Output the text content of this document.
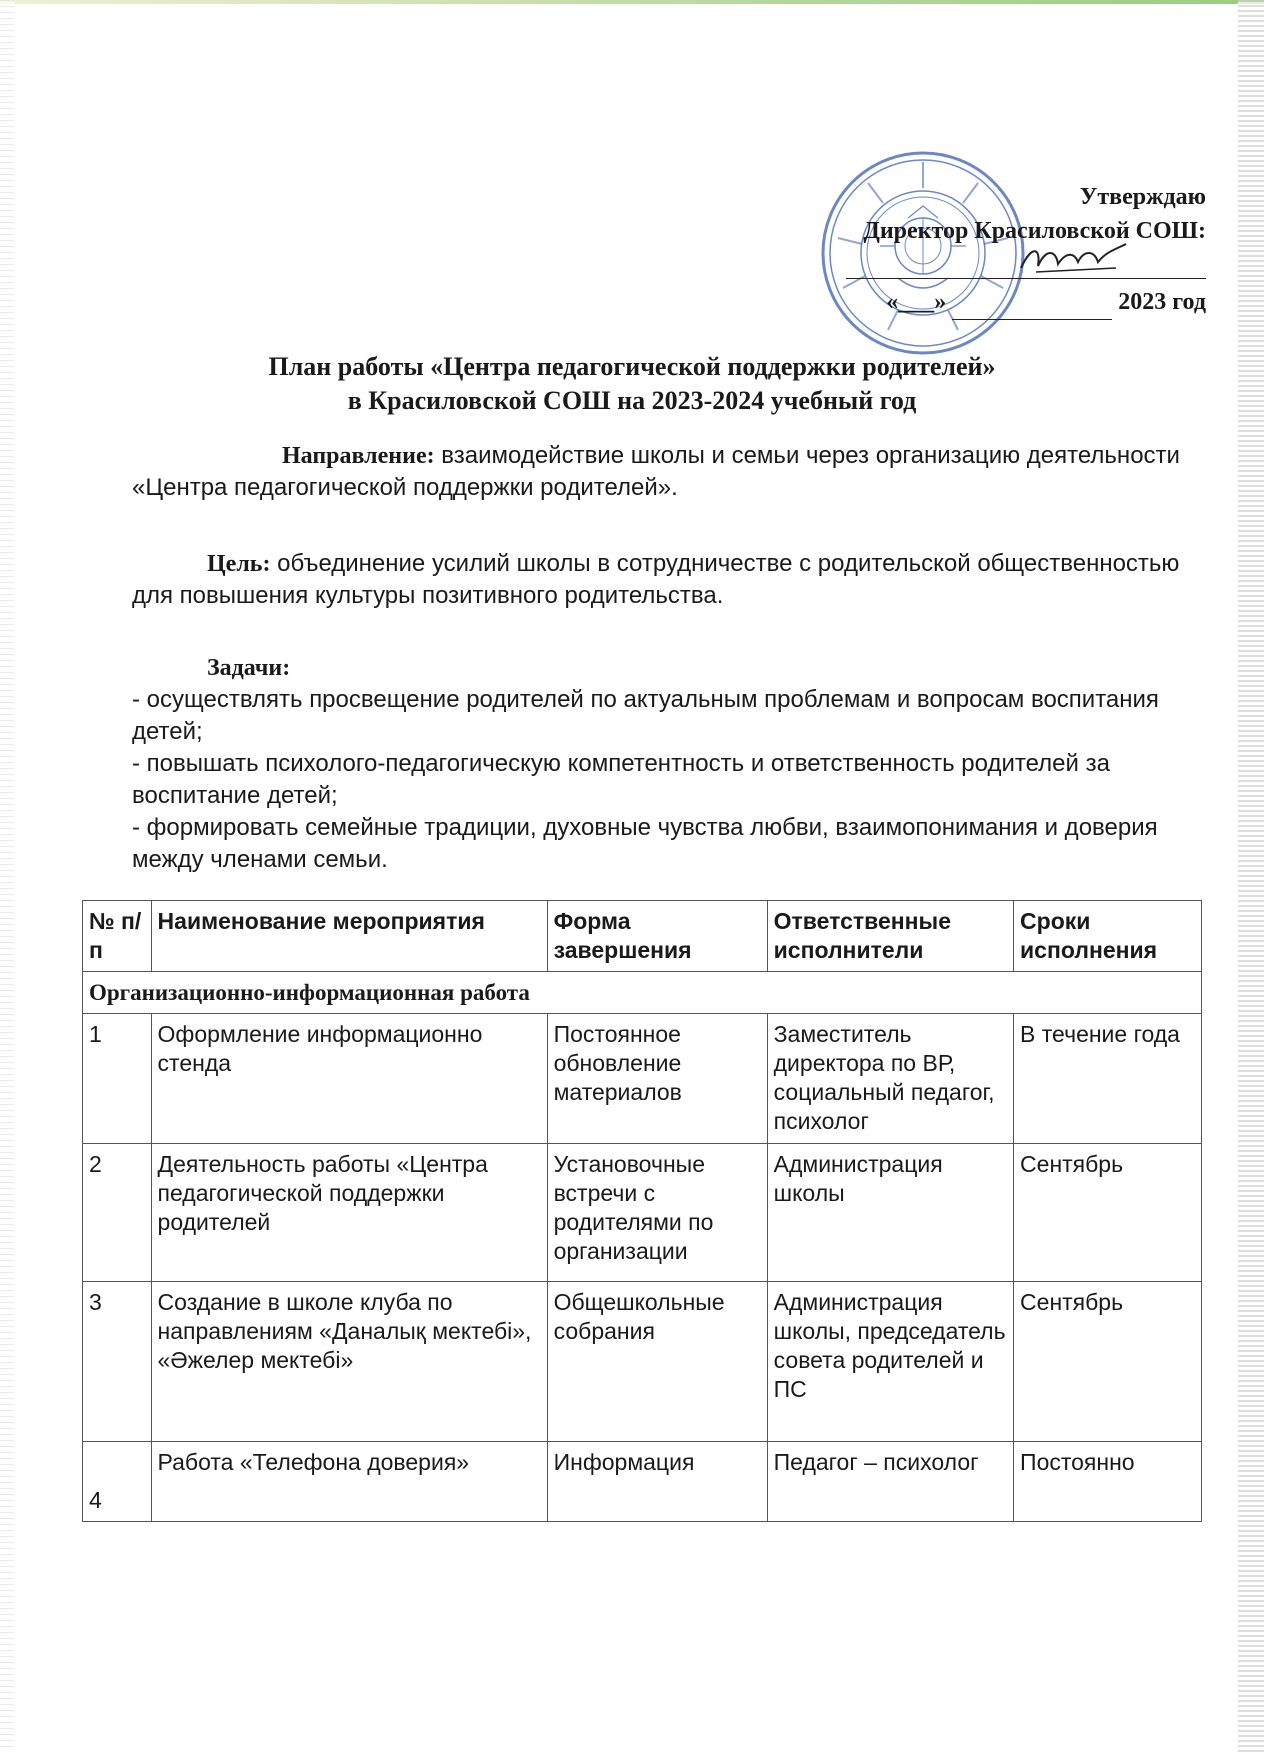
Утверждаю
Директор Красиловской СОШ:
«___»	2023 год
План работы «Центра педагогической поддержки родителей»
в Красиловской СОШ на 2023-2024 учебный год
Направление: взаимодействие школы и семьи через организацию деятельности «Центра педагогической поддержки родителей».
Цель: объединение усилий школы в сотрудничестве с родительской общественностью для повышения культуры позитивного родительства.
Задачи:
- осуществлять просвещение родителей по актуальным проблемам и вопросам воспитания детей;
- повышать психолого-педагогическую компетентность и ответственность родителей за воспитание детей;
- формировать семейные традиции, духовные чувства любви, взаимопонимания и доверия между членами семьи.
№ п/п	Наименование мероприятия	Форма завершения	Ответственные исполнители	Сроки исполнения
Организационно-информационная работа				
1	Оформление информационно стенда	Постоянное обновление материалов	Заместитель директора по ВР, социальный педагог, психолог	В течение года
2	Деятельность работы «Центра педагогической поддержки родителей	Установочные встречи с родителями по организации	Администрация школы	Сентябрь
3	Создание в школе клуба по направлениям «Даналық мектебі», «Әжелер мектебі»	Общешкольные собрания	Администрация школы, председатель совета родителей и ПС	Сентябрь
4	Работа «Телефона доверия»	Информация	Педагог – психолог	Постоянно
